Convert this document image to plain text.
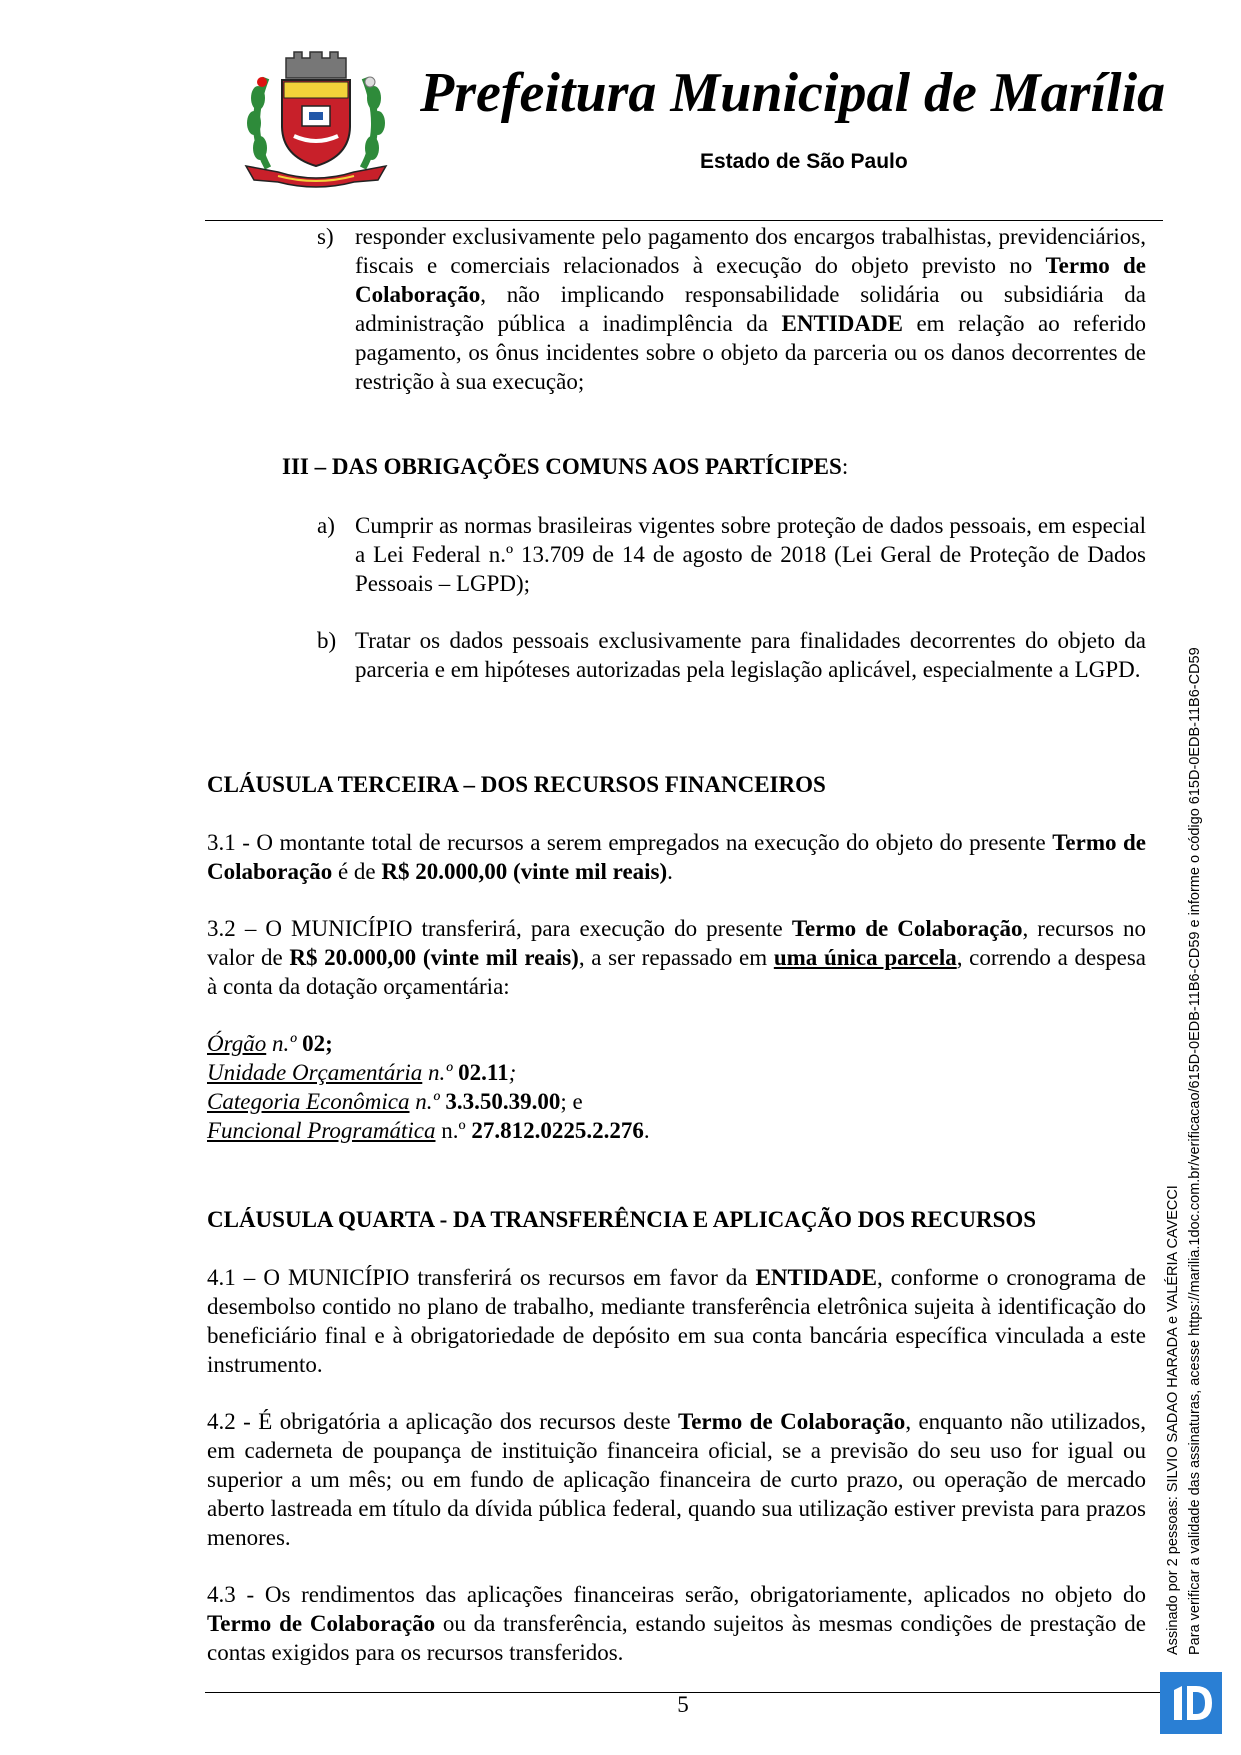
Prefeitura Municipal de Marília
Estado de São Paulo
s) responder exclusivamente pelo pagamento dos encargos trabalhistas, previdenciários, fiscais e comerciais relacionados à execução do objeto previsto no Termo de Colaboração, não implicando responsabilidade solidária ou subsidiária da administração pública a inadimplência da ENTIDADE em relação ao referido pagamento, os ônus incidentes sobre o objeto da parceria ou os danos decorrentes de restrição à sua execução;
III – DAS OBRIGAÇÕES COMUNS AOS PARTÍCIPES:
a) Cumprir as normas brasileiras vigentes sobre proteção de dados pessoais, em especial a Lei Federal n.º 13.709 de 14 de agosto de 2018 (Lei Geral de Proteção de Dados Pessoais – LGPD);
b) Tratar os dados pessoais exclusivamente para finalidades decorrentes do objeto da parceria e em hipóteses autorizadas pela legislação aplicável, especialmente a LGPD.
CLÁUSULA TERCEIRA – DOS RECURSOS FINANCEIROS
3.1 - O montante total de recursos a serem empregados na execução do objeto do presente Termo de Colaboração é de R$ 20.000,00 (vinte mil reais).
3.2 – O MUNICÍPIO transferirá, para execução do presente Termo de Colaboração, recursos no valor de R$ 20.000,00 (vinte mil reais), a ser repassado em uma única parcela, correndo a despesa à conta da dotação orçamentária:
Órgão n.º 02;
Unidade Orçamentária n.º 02.11;
Categoria Econômica n.º 3.3.50.39.00; e
Funcional Programática n.º 27.812.0225.2.276.
CLÁUSULA QUARTA - DA TRANSFERÊNCIA E APLICAÇÃO DOS RECURSOS
4.1 – O MUNICÍPIO transferirá os recursos em favor da ENTIDADE, conforme o cronograma de desembolso contido no plano de trabalho, mediante transferência eletrônica sujeita à identificação do beneficiário final e à obrigatoriedade de depósito em sua conta bancária específica vinculada a este instrumento.
4.2 - É obrigatória a aplicação dos recursos deste Termo de Colaboração, enquanto não utilizados, em caderneta de poupança de instituição financeira oficial, se a previsão do seu uso for igual ou superior a um mês; ou em fundo de aplicação financeira de curto prazo, ou operação de mercado aberto lastreada em título da dívida pública federal, quando sua utilização estiver prevista para prazos menores.
4.3 - Os rendimentos das aplicações financeiras serão, obrigatoriamente, aplicados no objeto do Termo de Colaboração ou da transferência, estando sujeitos às mesmas condições de prestação de contas exigidos para os recursos transferidos.
5
Assinado por 2 pessoas: SILVIO SADAO HARADA e VALÉRIA CAVECCI Para verificar a validade das assinaturas, acesse https://marilia.1doc.com.br/verificacao/615D-0EDB-11B6-CD59 e informe o código 615D-0EDB-11B6-CD59
